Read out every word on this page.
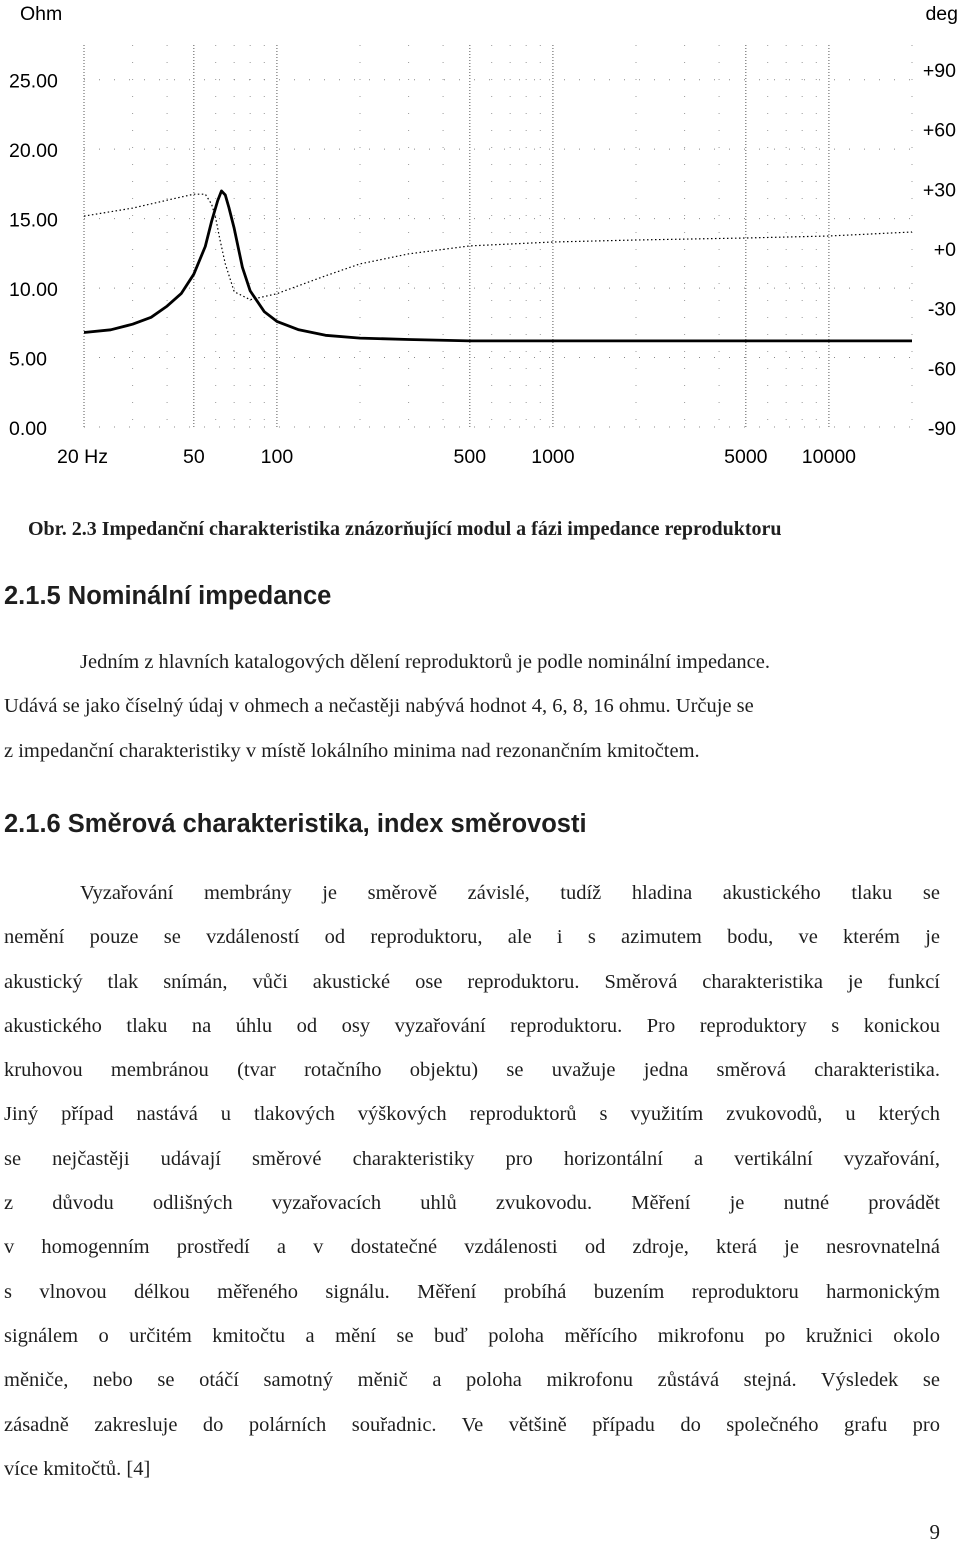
0.00
5.00
10.00
15.00
20.00
25.00
-90
-60
-30
+0
+30
+60
+90
20 Hz	50	100	500 1000	5000 10000
Ohm	deg
Obr. 2.3 Impedanční charakteristika znázorňující modul a fázi impedance reproduktoru
2.1.5 Nominální impedance
Jedním z hlavních katalogových dělení reproduktorů je podle nominální impedance.
Udává se jako číselný údaj v ohmech a nečastěji nabývá hodnot 4, 6, 8, 16 ohmu. Určuje se
z impedanční charakteristiky v místě lokálního minima nad rezonančním kmitočtem.
2.1.6 Směrová charakteristika, index směrovosti
Vyzařování membrány je směrově závislé, tudíž hladina akustického tlaku se
nemění pouze se vzdáleností od reproduktoru, ale i s azimutem bodu, ve kterém je
akustický tlak snímán, vůči akustické ose reproduktoru. Směrová charakteristika je funkcí
akustického tlaku na úhlu od osy vyzařování reproduktoru. Pro reproduktory s konickou
kruhovou membránou (tvar rotačního objektu) se uvažuje jedna směrová charakteristika.
Jiný případ nastává u tlakových výškových reproduktorů s využitím zvukovodů, u kterých
se nejčastěji udávají směrové charakteristiky pro horizontální a vertikální vyzařování,
z důvodu odlišných vyzařovacích uhlů zvukovodu. Měření je nutné provádět
v homogenním prostředí a v dostatečné vzdálenosti od zdroje, která je nesrovnatelná
s vlnovou délkou měřeného signálu. Měření probíhá buzením reproduktoru harmonickým
signálem o určitém kmitočtu a mění se buď poloha měřícího mikrofonu po kružnici okolo
měniče, nebo se otáčí samotný měnič a poloha mikrofonu zůstává stejná. Výsledek se
zásadně zakresluje do polárních souřadnic. Ve většině případu do společného grafu pro
více kmitočtů. [4]
9
